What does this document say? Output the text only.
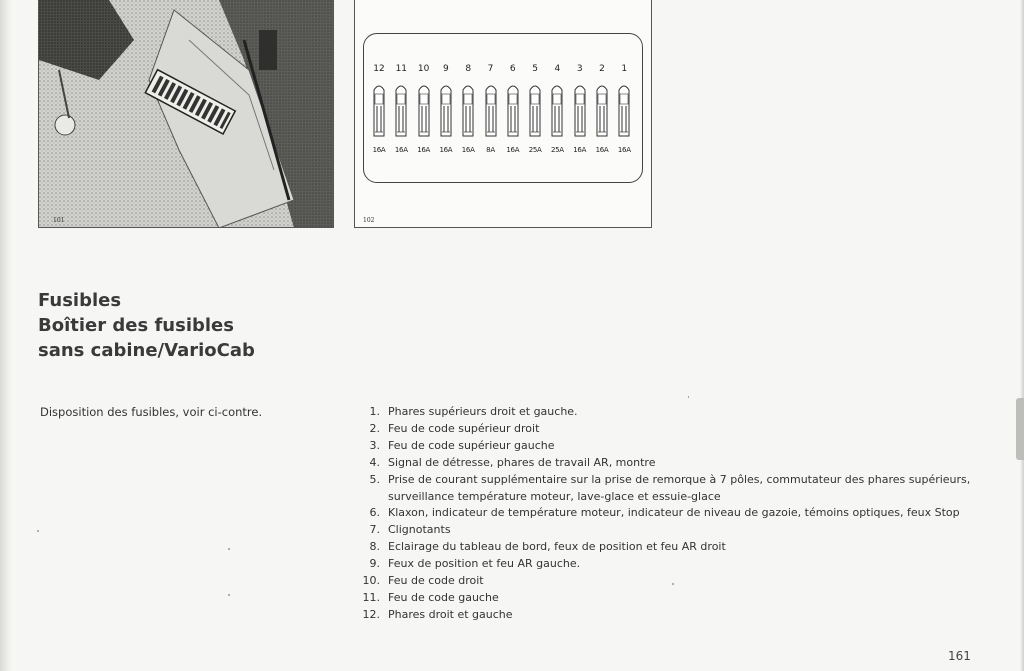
101
12
16A
11
16A
10
16A
9
16A
8
16A
7
8A
6
16A
5
25A
4
25A
3
16A
2
16A
1
16A
102
Fusibles
Boîtier des fusibles
sans cabine/VarioCab
Disposition des fusibles, voir ci-contre.	1. Phares supérieurs droit et gauche.
2. Feu de code supérieur droit
3. Feu de code supérieur gauche
4. Signal de détresse, phares de travail AR, montre
5. Prise de courant supplémentaire sur la prise de remorque à 7 pôles, commutateur des phares supérieurs, surveillance température moteur, lave-glace et essuie-glace
6. Klaxon, indicateur de température moteur, indicateur de niveau de gazoie, témoins optiques, feux Stop
7. Clignotants
8. Eclairage du tableau de bord, feux de position et feu AR droit
9. Feux de position et feu AR gauche.
10. Feu de code droit
11. Feu de code gauche
12. Phares droit et gauche
161
